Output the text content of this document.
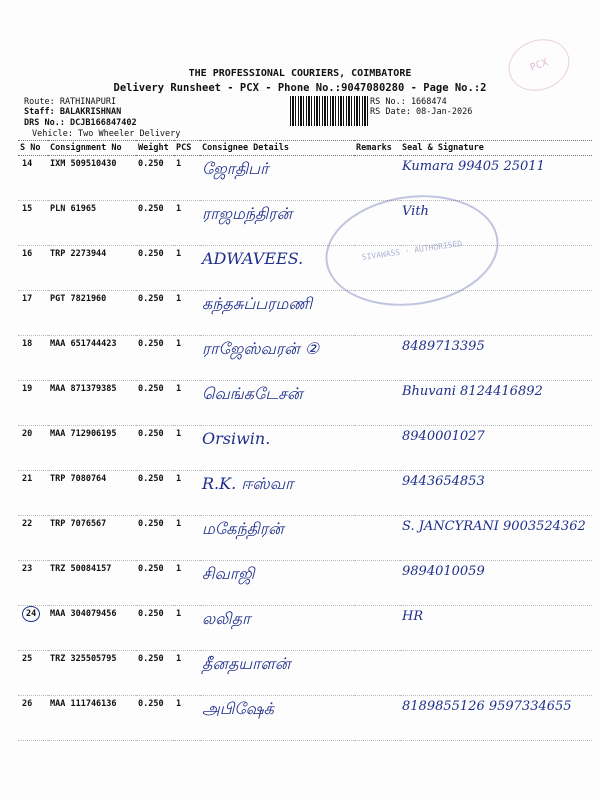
PCX
THE PROFESSIONAL COURIERS, COIMBATORE
Delivery Runsheet - PCX - Phone No.:9047080280 - Page No.:2
Route: RATHINAPURI
Staff: BALAKRISHNAN
DRS No.: DCJB166847402
Vehicle: Two Wheeler Delivery
RS No.: 1668474
RS Date: 08-Jan-2026
S No	Consignment No	Weight	PCS	Consignee Details	Remarks	Seal & Signature
14	IXM 509510430	0.250	1	ஜோதிபர்		Kumara 99405 25011
15	PLN 61965	0.250	1	ராஜமந்திரன்		Vith
16	TRP 2273944	0.250	1	ADWAVEES.		
17	PGT 7821960	0.250	1	கந்தசுப்பரமணி		
18	MAA 651744423	0.250	1	ராஜேஸ்வரன் ②		8489713395
19	MAA 871379385	0.250	1	வெங்கடேசன்		Bhuvani 8124416892
20	MAA 712906195	0.250	1	Orsiwin.		8940001027
21	TRP 7080764	0.250	1	R.K. ஈஸ்வா		9443654853
22	TRP 7076567	0.250	1	மகேந்திரன்		S. JANCYRANI 9003524362
23	TRZ 50084157	0.250	1	சிவாஜி		9894010059
24	MAA 304079456	0.250	1	லலிதா		HR
25	TRZ 325505795	0.250	1	தீனதயாளன்		
26	MAA 111746136	0.250	1	அபிஷேக்		8189855126 9597334655
SIVAWASS · AUTHORISED
